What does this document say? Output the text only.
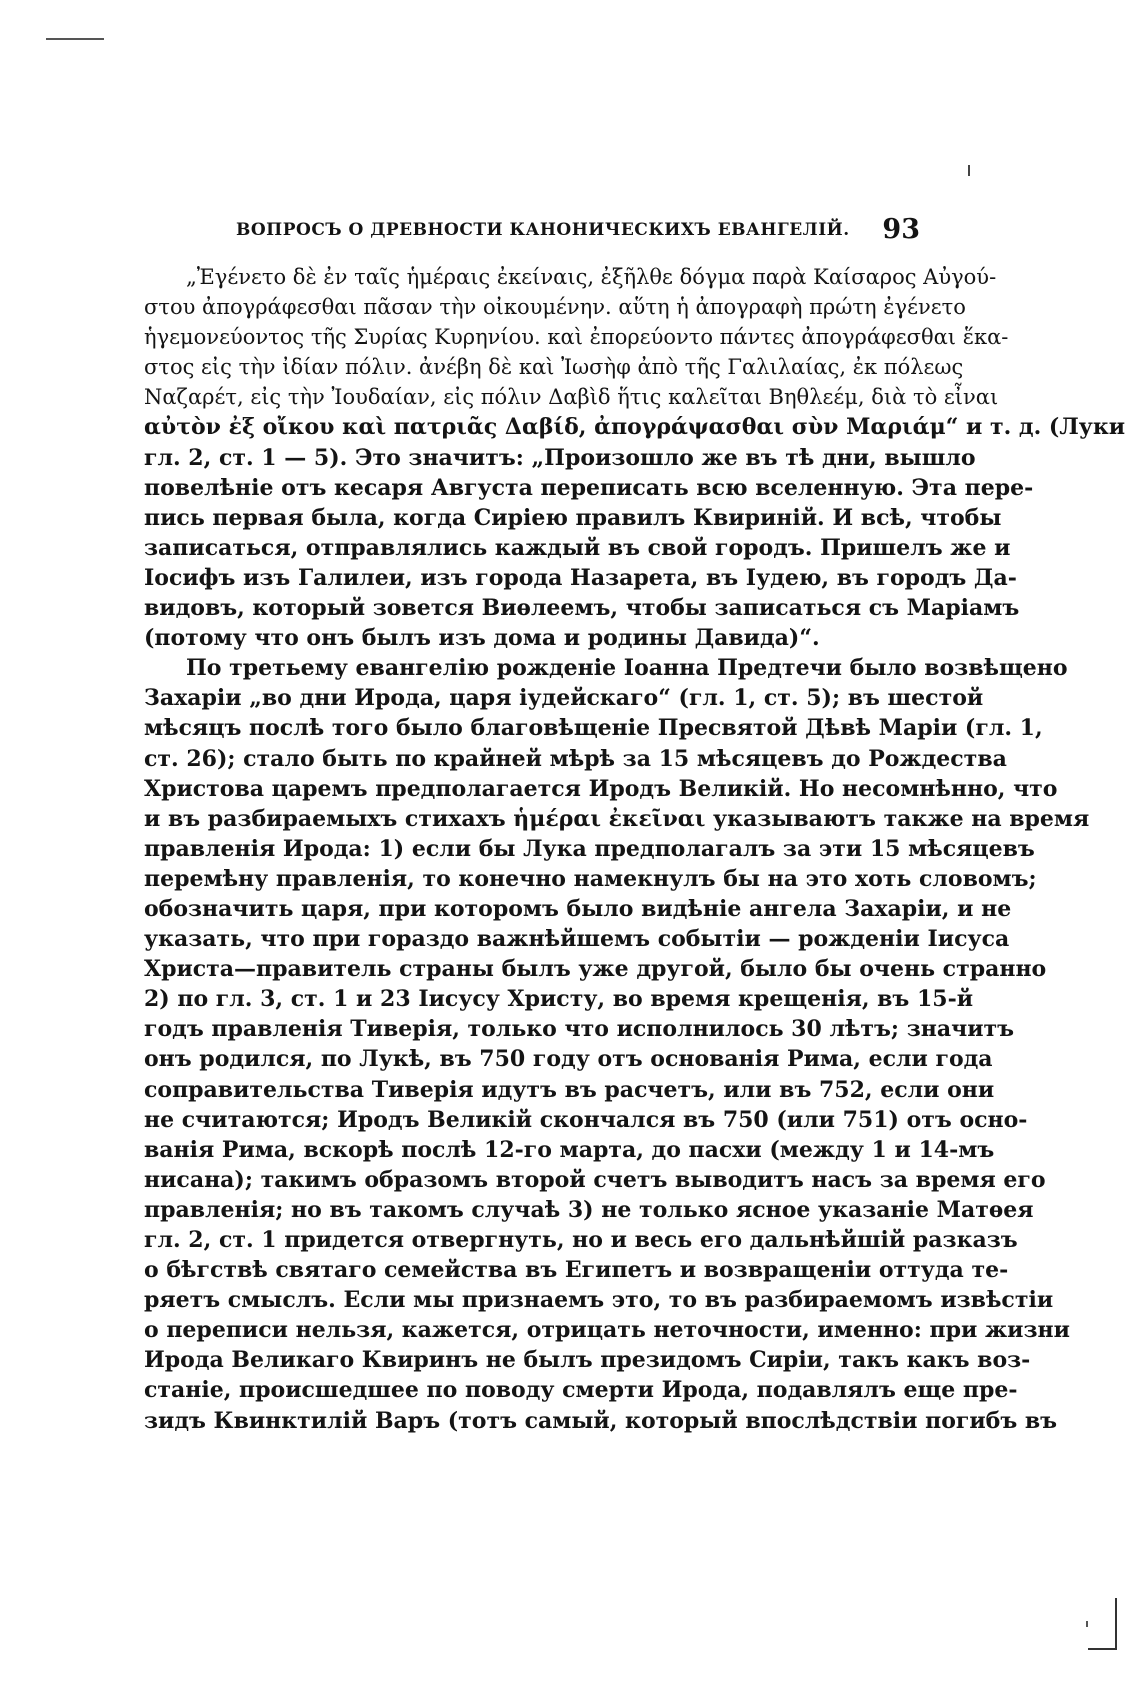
ВОПРОСЪ О ДРЕВНОСТИ КАНОНИЧЕСКИХЪ ЕВАНГЕЛІЙ. 93
„Ἐγένετο δὲ ἐν ταῖς ἡμέραις ἐκείναις, ἐξῆλθε δόγμα παρὰ Καίσαρος Αὐγού-
στου ἀπογράφεσθαι πᾶσαν τὴν οἰκουμένην. αὕτη ἡ ἀπογραφὴ πρώτη ἐγένετο
ἡγεμονεύοντος τῆς Συρίας Κυρηνίου. καὶ ἐπορεύοντο πάντες ἀπογράφεσθαι ἕκα-
στος εἰς τὴν ἰδίαν πόλιν. ἀνέβη δὲ καὶ Ἰωσὴφ ἀπὸ τῆς Γαλιλαίας, ἐκ πόλεως
Ναζαρέτ, εἰς τὴν Ἰουδαίαν, εἰς πόλιν Δαβὶδ ἥτις καλεῖται Βηθλεέμ, διὰ τὸ εἶναι
αὐτὸν ἐξ οἴκου καὶ πατριᾶς Δαβίδ, ἀπογράψασθαι σὺν Μαριάμ“ и т. д. (Луки
гл. 2, ст. 1 — 5). Это значитъ: „Произошло же въ тѣ дни, вышло
повелѣніе отъ кесаря Августа переписать всю вселенную. Эта пере-
пись первая была, когда Сиріею правилъ Квириній. И всѣ, чтобы
записаться, отправлялись каждый въ свой городъ. Пришелъ же и
Іосифъ изъ Галилеи, изъ города Назарета, въ Іудею, въ городъ Да-
видовъ, который зовется Виѳлеемъ, чтобы записаться съ Маріамъ
(потому что онъ былъ изъ дома и родины Давида)“.
По третьему евангелію рожденіе Іоанна Предтечи было возвѣщено
Захаріи „во дни Ирода, царя іудейскаго“ (гл. 1, ст. 5); въ шестой
мѣсяцъ послѣ того было благовѣщеніе Пресвятой Дѣвѣ Маріи (гл. 1,
ст. 26); стало быть по крайней мѣрѣ за 15 мѣсяцевъ до Рождества
Христова царемъ предполагается Иродъ Великій. Но несомнѣнно, что
и въ разбираемыхъ стихахъ ἡμέραι ἐκεῖναι указываютъ также на время
правленія Ирода: 1) если бы Лука предполагалъ за эти 15 мѣсяцевъ
перемѣну правленія, то конечно намекнулъ бы на это хоть словомъ;
обозначить царя, при которомъ было видѣніе ангела Захаріи, и не
указать, что при гораздо важнѣйшемъ событіи — рожденіи Іисуса
Христа—правитель страны былъ уже другой, было бы очень странно
2) по гл. 3, ст. 1 и 23 Іисусу Христу, во время крещенія, въ 15-й
годъ правленія Тиверія, только что исполнилось 30 лѣтъ; значитъ
онъ родился, по Лукѣ, въ 750 году отъ основанія Рима, если года
соправительства Тиверія идутъ въ расчетъ, или въ 752, если они
не считаются; Иродъ Великій скончался въ 750 (или 751) отъ осно-
ванія Рима, вскорѣ послѣ 12-го марта, до пасхи (между 1 и 14-мъ
нисана); такимъ образомъ второй счетъ выводитъ насъ за время его
правленія; но въ такомъ случаѣ 3) не только ясное указаніе Матѳея
гл. 2, ст. 1 придется отвергнуть, но и весь его дальнѣйшій разказъ
о бѣгствѣ святаго семейства въ Египетъ и возвращеніи оттуда те-
ряетъ смыслъ. Если мы признаемъ это, то въ разбираемомъ извѣстіи
о переписи нельзя, кажется, отрицать неточности, именно: при жизни
Ирода Великаго Квиринъ не былъ президомъ Сиріи, такъ какъ воз-
станіе, происшедшее по поводу смерти Ирода, подавлялъ еще пре-
зидъ Квинктилій Варъ (тотъ самый, который впослѣдствіи погибъ въ
